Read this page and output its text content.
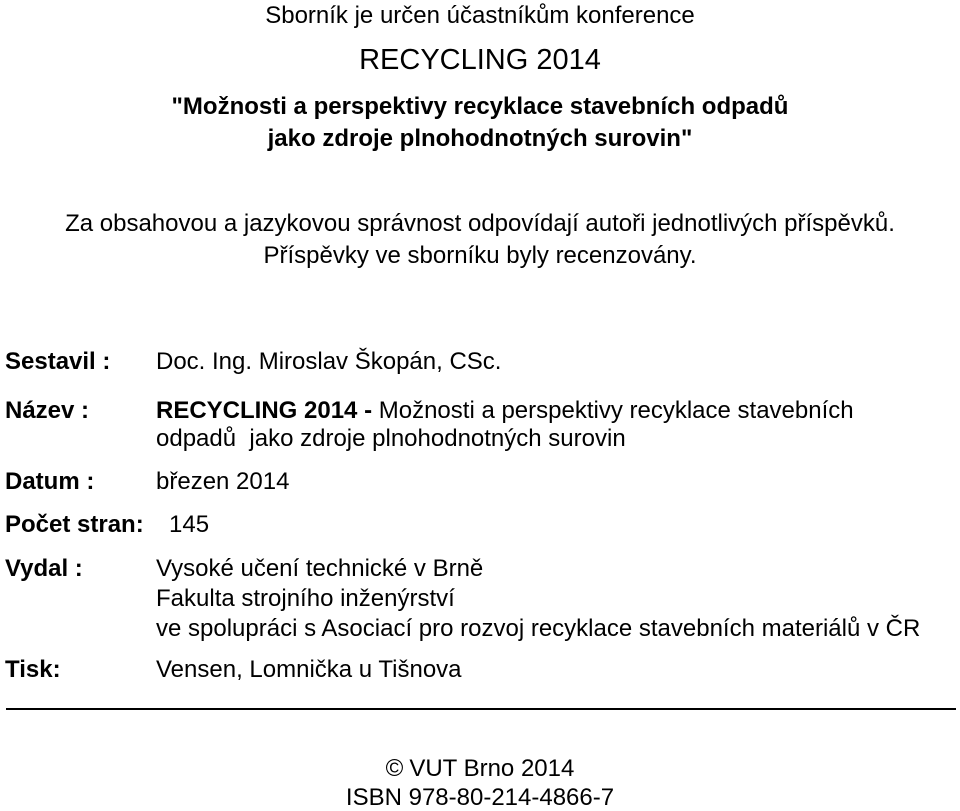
Sborník je určen účastníkům konference
RECYCLING 2014
"Možnosti a perspektivy recyklace stavebních odpadů
jako zdroje plnohodnotných surovin"
Za obsahovou a jazykovou správnost odpovídají autoři jednotlivých příspěvků.
Příspěvky ve sborníku byly recenzovány.
Sestavil : Doc. Ing. Miroslav Škopán, CSc.
Název :	RECYCLING 2014 - Možnosti a perspektivy recyklace stavebních
odpadů  jako zdroje plnohodnotných surovin
Datum :	březen 2014
Počet stran: 145
Vydal :	Vysoké učení technické v Brně
Fakulta strojního inženýrství
ve spolupráci s Asociací pro rozvoj recyklace stavebních materiálů v ČR
Tisk:	Vensen, Lomnička u Tišnova
© VUT Brno 2014
ISBN 978-80-214-4866-7
